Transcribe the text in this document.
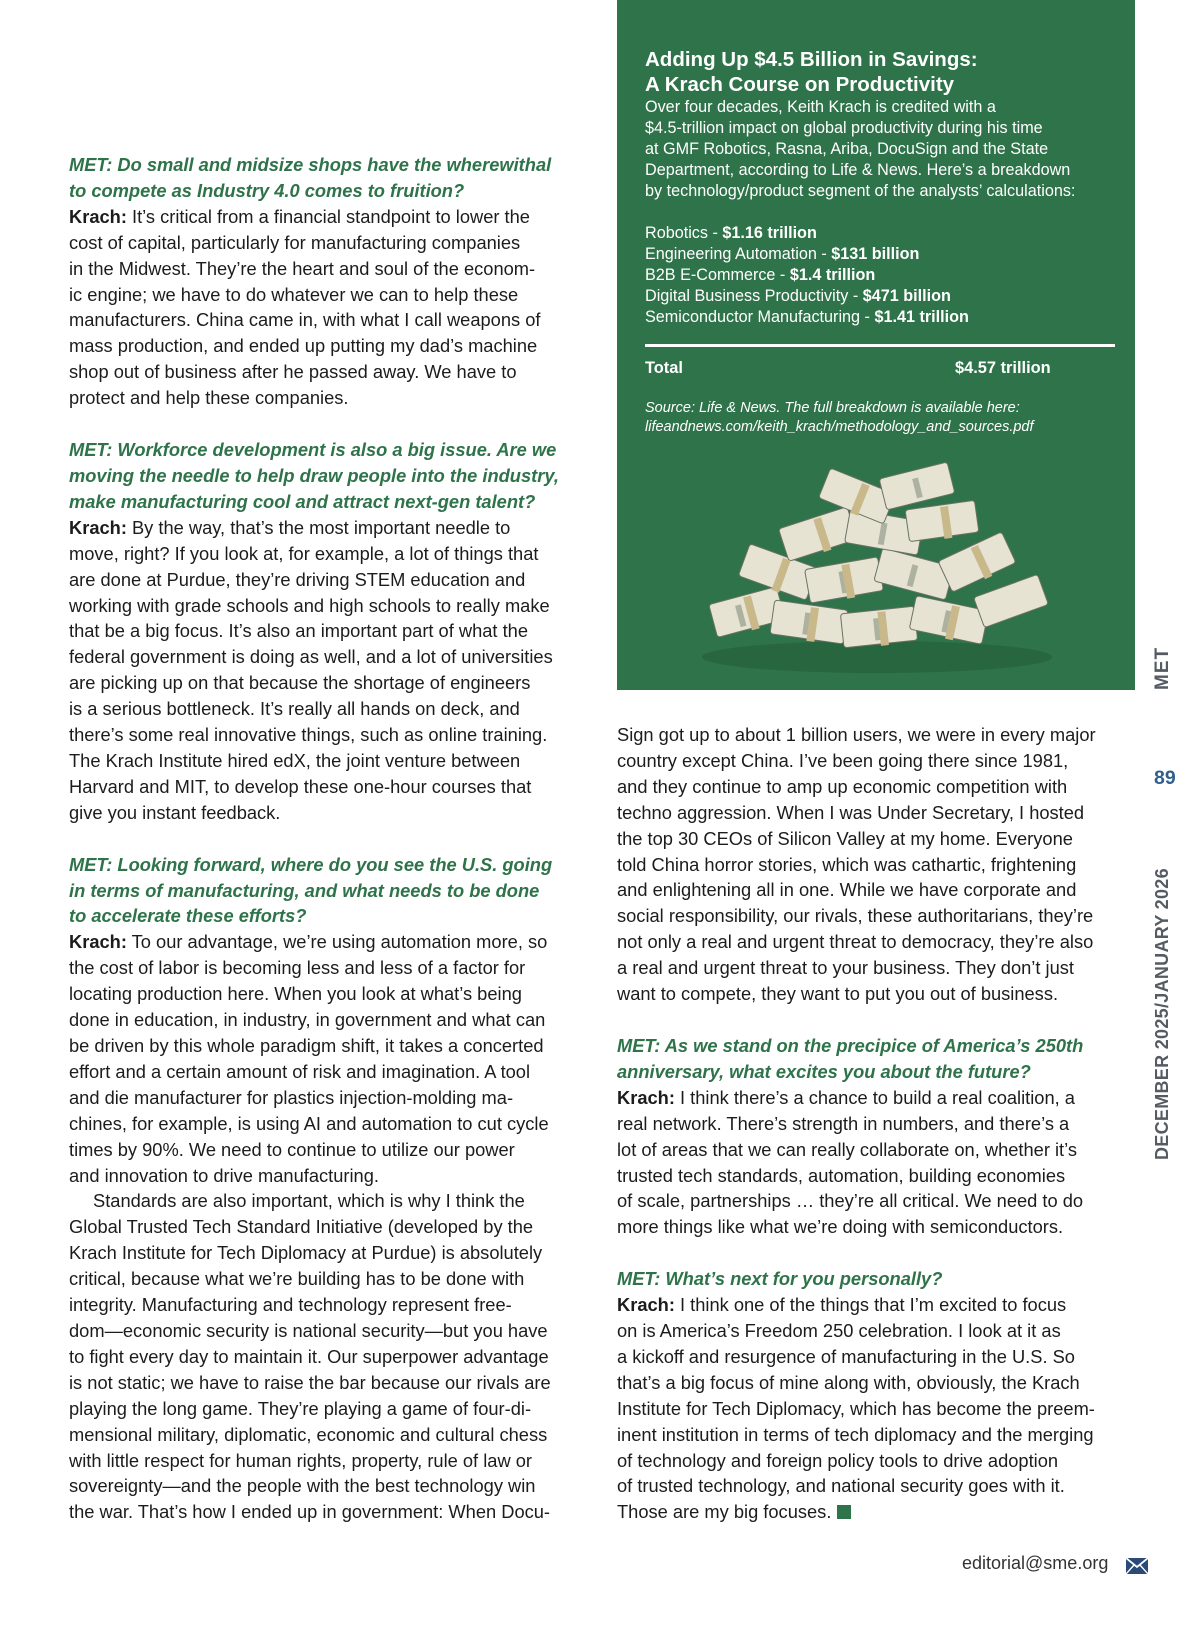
MET: Do small and midsize shops have the wherewithal
to compete as Industry 4.0 comes to fruition?

Krach: It’s critical from a financial standpoint to lower the
cost of capital, particularly for manufacturing companies
in the Midwest. They’re the heart and soul of the econom-
ic engine; we have to do whatever we can to help these
manufacturers. China came in, with what I call weapons of
mass production, and ended up putting my dad’s machine
shop out of business after he passed away. We have to
protect and help these companies.

MET: Workforce development is also a big issue. Are we
moving the needle to help draw people into the industry,
make manufacturing cool and attract next-gen talent?

Krach: By the way, that’s the most important needle to
move, right? If you look at, for example, a lot of things that
are done at Purdue, they’re driving STEM education and
working with grade schools and high schools to really make
that be a big focus. It’s also an important part of what the
federal government is doing as well, and a lot of universities
are picking up on that because the shortage of engineers
is a serious bottleneck. It’s really all hands on deck, and
there’s some real innovative things, such as online training.
The Krach Institute hired edX, the joint venture between
Harvard and MIT, to develop these one-hour courses that
give you instant feedback.

MET: Looking forward, where do you see the U.S. going
in terms of manufacturing, and what needs to be done
to accelerate these efforts?

Krach: To our advantage, we’re using automation more, so
the cost of labor is becoming less and less of a factor for
locating production here. When you look at what’s being
done in education, in industry, in government and what can
be driven by this whole paradigm shift, it takes a concerted
effort and a certain amount of risk and imagination. A tool
and die manufacturer for plastics injection-molding ma-
chines, for example, is using AI and automation to cut cycle
times by 90%. We need to continue to utilize our power
and innovation to drive manufacturing.

Standards are also important, which is why I think the
Global Trusted Tech Standard Initiative (developed by the
Krach Institute for Tech Diplomacy at Purdue) is absolutely
critical, because what we’re building has to be done with
integrity. Manufacturing and technology represent free-
dom—economic security is national security—but you have
to fight every day to maintain it. Our superpower advantage
is not static; we have to raise the bar because our rivals are
playing the long game. They’re playing a game of four-di-
mensional military, diplomatic, economic and cultural chess
with little respect for human rights, property, rule of law or
sovereignty—and the people with the best technology win
the war. That’s how I ended up in government: When Docu-

Adding Up $4.5 Billion in Savings:
A Krach Course on Productivity
Over four decades, Keith Krach is credited with a
$4.5-trillion impact on global productivity during his time
at GMF Robotics, Rasna, Ariba, DocuSign and the State
Department, according to Life & News. Here’s a breakdown
by technology/product segment of the analysts’ calculations:
Robotics - $1.16 trillion
Engineering Automation - $131 billion
B2B E-Commerce - $1.4 trillion
Digital Business Productivity - $471 billion
Semiconductor Manufacturing - $1.41 trillion
Total	$4.57 trillion
Source: Life & News. The full breakdown is available here:
lifeandnews.com/keith_krach/methodology_and_sources.pdf

Sign got up to about 1 billion users, we were in every major
country except China. I’ve been going there since 1981,
and they continue to amp up economic competition with
techno aggression. When I was Under Secretary, I hosted
the top 30 CEOs of Silicon Valley at my home. Everyone
told China horror stories, which was cathartic, frightening
and enlightening all in one. While we have corporate and
social responsibility, our rivals, these authoritarians, they’re
not only a real and urgent threat to democracy, they’re also
a real and urgent threat to your business. They don’t just
want to compete, they want to put you out of business.

MET: As we stand on the precipice of America’s 250th
anniversary, what excites you about the future?

Krach: I think there’s a chance to build a real coalition, a
real network. There’s strength in numbers, and there’s a
lot of areas that we can really collaborate on, whether it’s
trusted tech standards, automation, building economies
of scale, partnerships … they’re all critical. We need to do
more things like what we’re doing with semiconductors.

MET: What’s next for you personally?

Krach: I think one of the things that I’m excited to focus
on is America’s Freedom 250 celebration. I look at it as
a kickoff and resurgence of manufacturing in the U.S. So
that’s a big focus of mine along with, obviously, the Krach
Institute for Tech Diplomacy, which has become the preem-
inent institution in terms of tech diplomacy and the merging
of technology and foreign policy tools to drive adoption
of trusted technology, and national security goes with it.
Those are my big focuses.

MET
89
DECEMBER 2025/JANUARY 2026
editorial@sme.org
